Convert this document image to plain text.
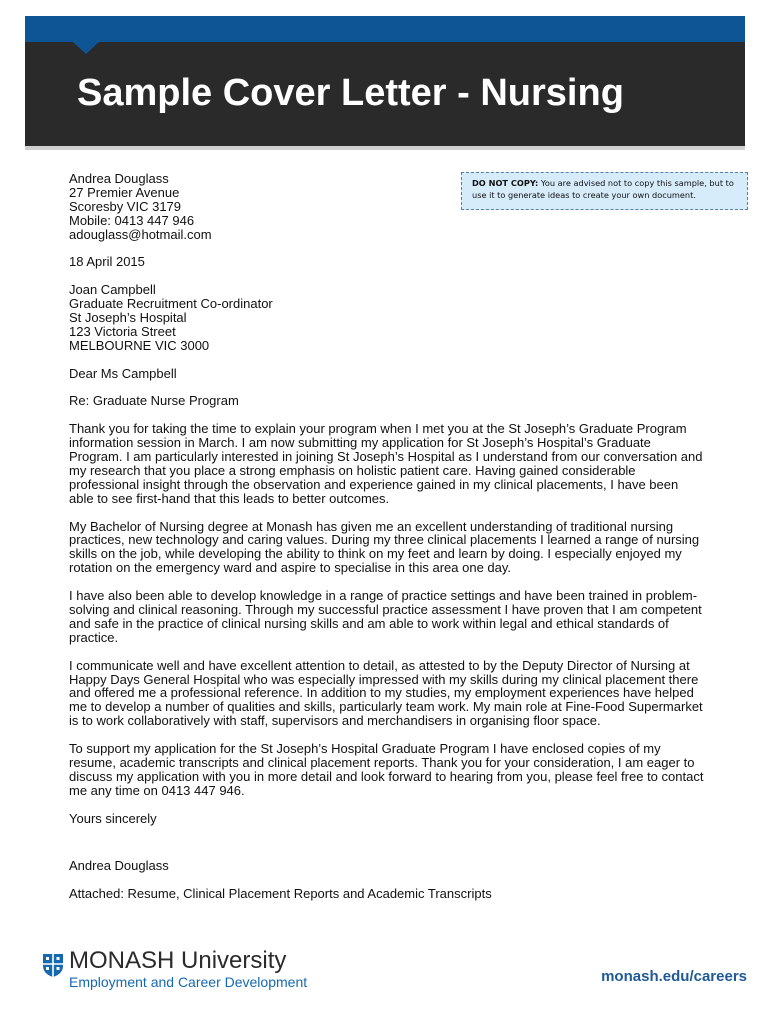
Sample Cover Letter - Nursing
DO NOT COPY: You are advised not to copy this sample, but to use it to generate ideas to create your own document.
Andrea Douglass
27 Premier Avenue
Scoresby VIC 3179
Mobile: 0413 447 946
adouglass@hotmail.com
18 April 2015
Joan Campbell
Graduate Recruitment Co-ordinator
St Joseph’s Hospital
123 Victoria Street
MELBOURNE VIC 3000
Dear Ms Campbell
Re: Graduate Nurse Program

Thank you for taking the time to explain your program when I met you at the St Joseph’s Graduate Program information session in March. I am now submitting my application for St Joseph’s Hospital’s Graduate Program. I am particularly interested in joining St Joseph’s Hospital as I understand from our conversation and my research that you place a strong emphasis on holistic patient care. Having gained considerable professional insight through the observation and experience gained in my clinical placements, I have been able to see first-hand that this leads to better outcomes.

My Bachelor of Nursing degree at Monash has given me an excellent understanding of traditional nursing practices, new technology and caring values. During my three clinical placements I learned a range of nursing skills on the job, while developing the ability to think on my feet and learn by doing. I especially enjoyed my rotation on the emergency ward and aspire to specialise in this area one day.

I have also been able to develop knowledge in a range of practice settings and have been trained in problem-solving and clinical reasoning. Through my successful practice assessment I have proven that I am competent and safe in the practice of clinical nursing skills and am able to work within legal and ethical standards of practice.

I communicate well and have excellent attention to detail, as attested to by the Deputy Director of Nursing at Happy Days General Hospital who was especially impressed with my skills during my clinical placement there and offered me a professional reference. In addition to my studies, my employment experiences have helped me to develop a number of qualities and skills, particularly team work. My main role at Fine-Food Supermarket is to work collaboratively with staff, supervisors and merchandisers in organising floor space.

To support my application for the St Joseph’s Hospital Graduate Program I have enclosed copies of my resume, academic transcripts and clinical placement reports. Thank you for your consideration, I am eager to discuss my application with you in more detail and look forward to hearing from you, please feel free to contact me any time on 0413 447 946.

Yours sincerely
Andrea Douglass
Attached: Resume, Clinical Placement Reports and Academic Transcripts
MONASH University
Employment and Career Development	monash.edu/careers
